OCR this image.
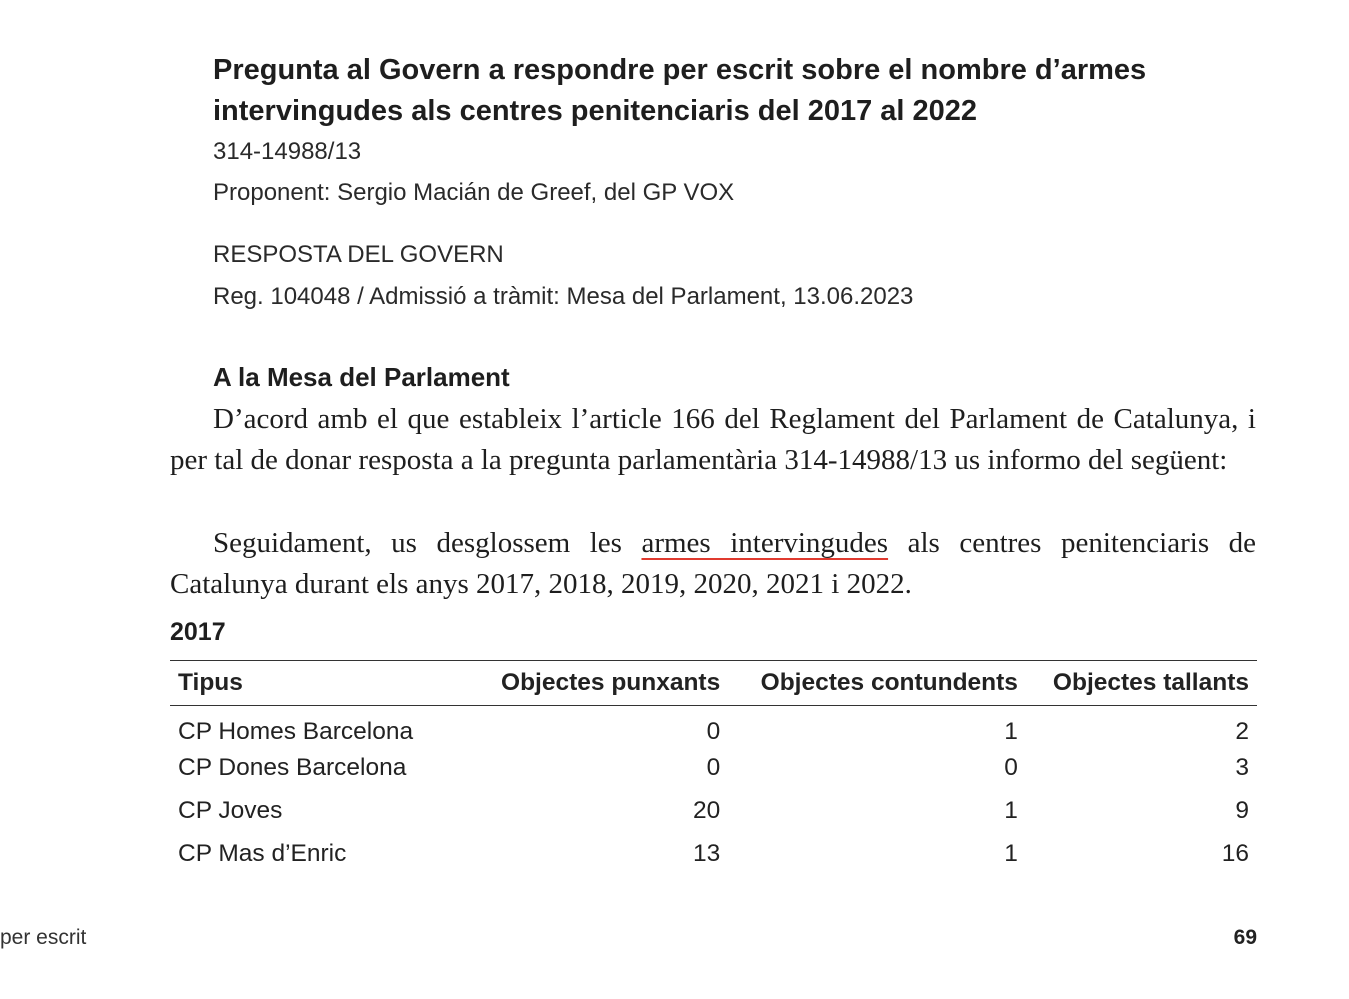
Pregunta al Govern a respondre per escrit sobre el nombre d’armes intervingudes als centres penitenciaris del 2017 al 2022
314-14988/13
Proponent: Sergio Macián de Greef, del GP VOX
RESPOSTA DEL GOVERN
Reg. 104048 / Admissió a tràmit: Mesa del Parlament, 13.06.2023
A la Mesa del Parlament
D’acord amb el que estableix l’article 166 del Reglament del Parlament de Catalunya, i per tal de donar resposta a la pregunta parlamentària 314-14988/13 us informo del següent:
Seguidament, us desglossem les armes intervingudes als centres penitenciaris de Catalunya durant els anys 2017, 2018, 2019, 2020, 2021 i 2022.
2017
Tipus	Objectes punxants	Objectes contundents	Objectes tallants

CP Homes Barcelona	0	1	2
CP Dones Barcelona	0	0	3
CP Joves	20	1	9
CP Mas d’Enric	13	1	16
per escrit	69
